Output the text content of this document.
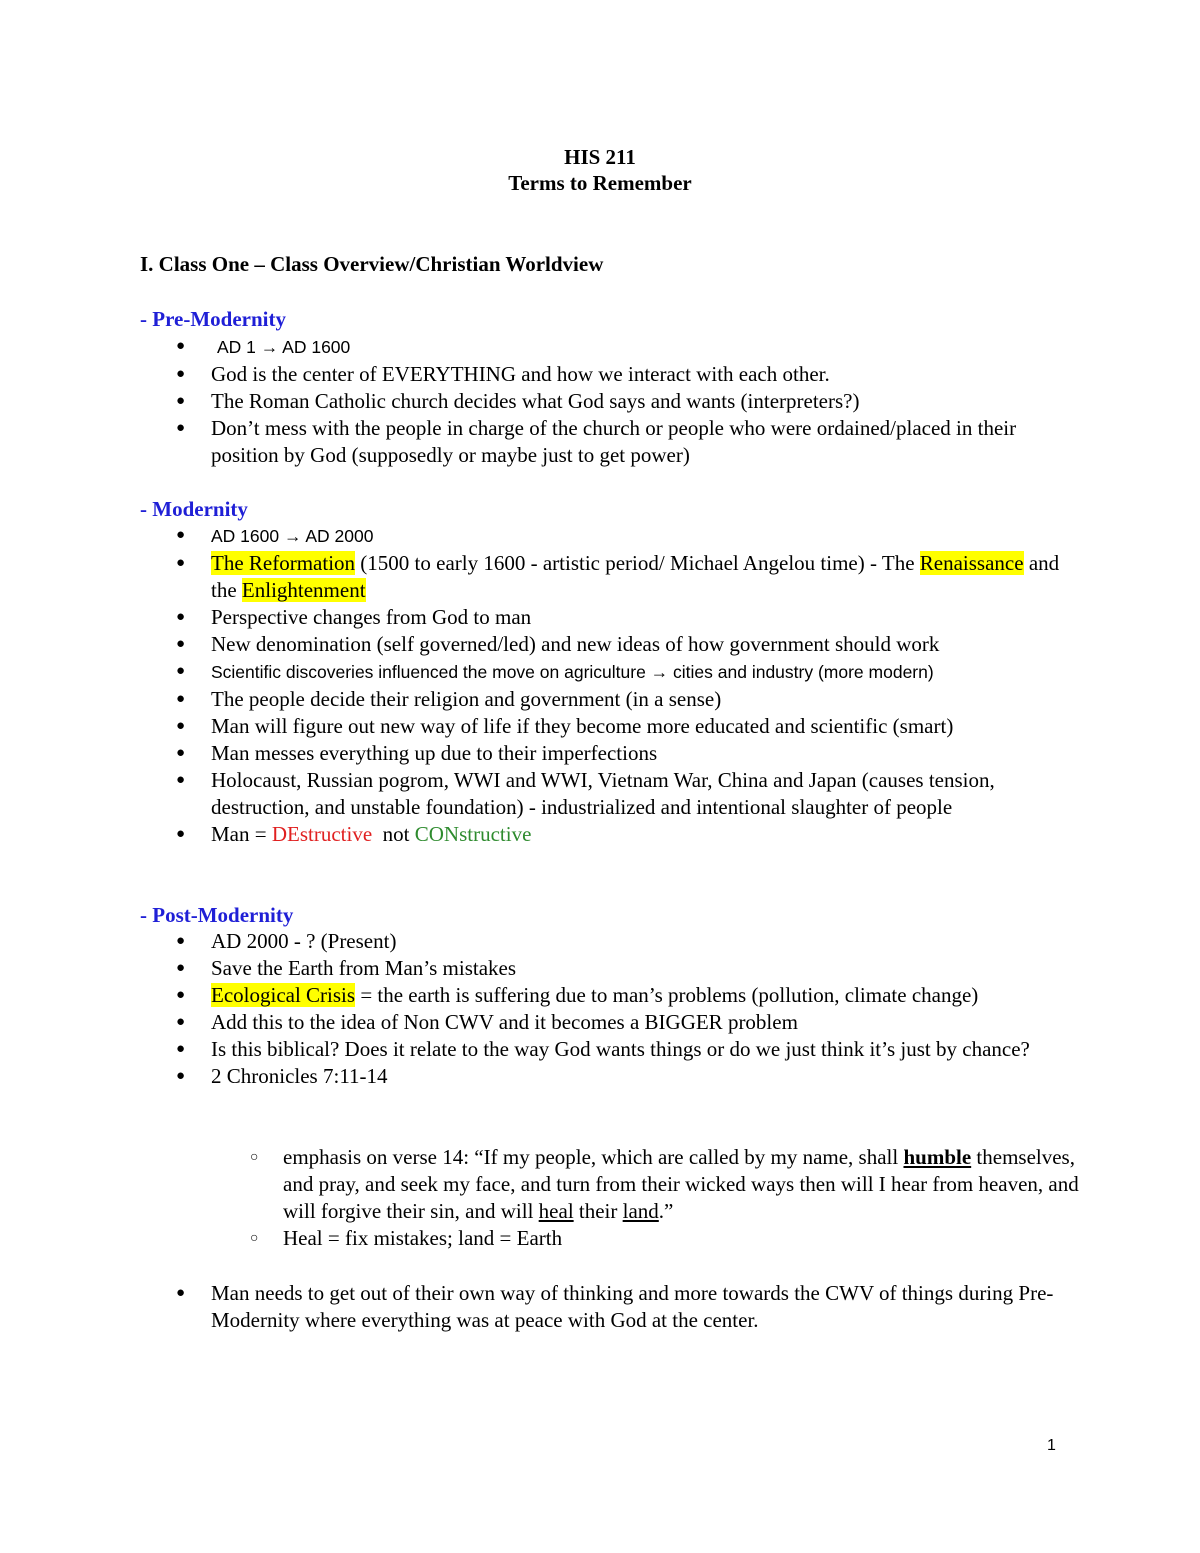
HIS 211
Terms to Remember
I. Class One – Class Overview/Christian Worldview
- Pre-Modernity
● AD 1 → AD 1600
● God is the center of EVERYTHING and how we interact with each other.
● The Roman Catholic church decides what God says and wants (interpreters?)
● Don’t mess with the people in charge of the church or people who were ordained/placed in their position by God (supposedly or maybe just to get power)
- Modernity
● AD 1600 → AD 2000
● The Reformation (1500 to early 1600 - artistic period/ Michael Angelou time) - The Renaissance and the Enlightenment
● Perspective changes from God to man
● New denomination (self governed/led) and new ideas of how government should work
● Scientific discoveries influenced the move on agriculture → cities and industry (more modern)
● The people decide their religion and government (in a sense)
● Man will figure out new way of life if they become more educated and scientific (smart)
● Man messes everything up due to their imperfections
● Holocaust, Russian pogrom, WWI and WWI, Vietnam War, China and Japan (causes tension, destruction, and unstable foundation) - industrialized and intentional slaughter of people
● Man = DEstructive  not CONstructive
- Post-Modernity
● AD 2000 - ? (Present)
● Save the Earth from Man’s mistakes
● Ecological Crisis = the earth is suffering due to man’s problems (pollution, climate change)
● Add this to the idea of Non CWV and it becomes a BIGGER problem
● Is this biblical? Does it relate to the way God wants things or do we just think it’s just by chance?
● 2 Chronicles 7:11-14
○ emphasis on verse 14: “If my people, which are called by my name, shall humble themselves, and pray, and seek my face, and turn from their wicked ways then will I hear from heaven, and will forgive their sin, and will heal their land.”
○ Heal = fix mistakes; land = Earth
● Man needs to get out of their own way of thinking and more towards the CWV of things during Pre-Modernity where everything was at peace with God at the center.
1
